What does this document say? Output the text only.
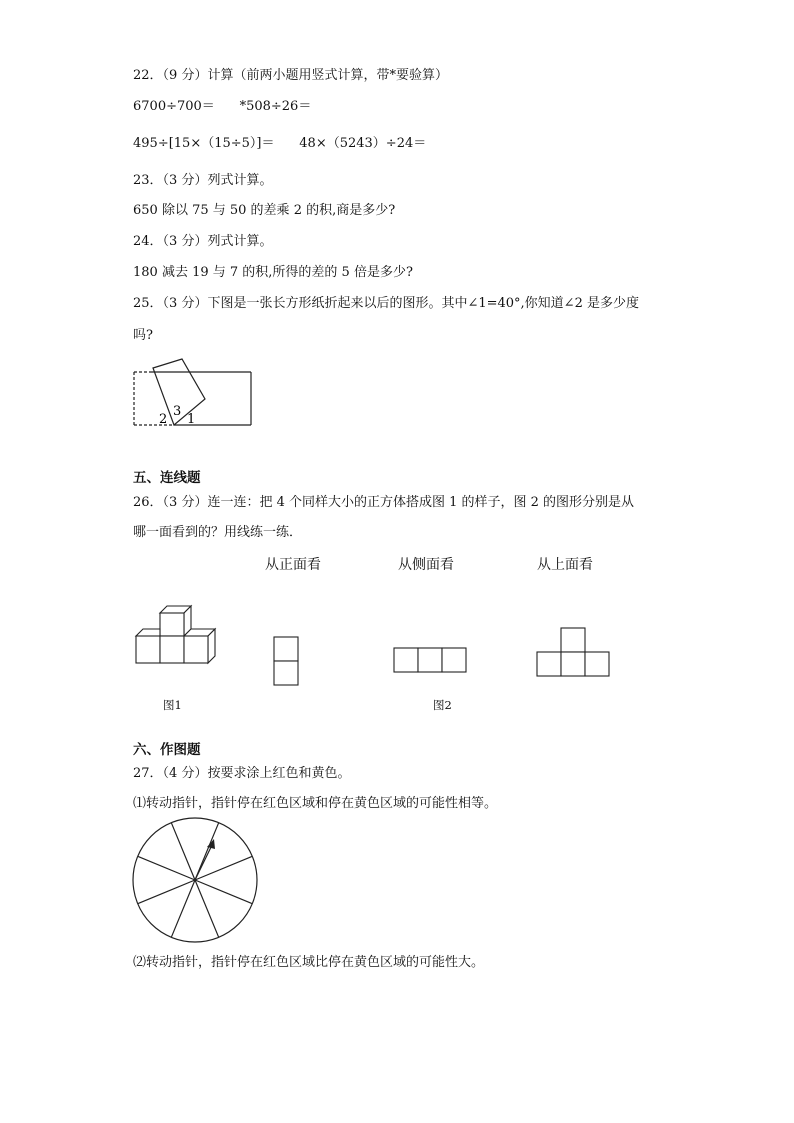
22．（9 分）计算（前两小题用竖式计算，带*要验算）
6700÷700＝      *508÷26＝
495÷[15×（15÷5）]＝      48×（5243）÷24＝
23．（3 分）列式计算。
650 除以 75 与 50 的差乘 2 的积,商是多少?
24．（3 分）列式计算。
180 减去 19 与 7 的积,所得的差的 5 倍是多少?
25．（3 分）下图是一张长方形纸折起来以后的图形。其中∠1=40°,你知道∠2 是多少度
吗?
2
3
1
五、连线题
26．（3 分）连一连：把 4 个同样大小的正方体搭成图 1 的样子，图 2 的图形分别是从
哪一面看到的？用线练一练．
从正面看	从侧面看	从上面看
图1	图2
六、作图题
27．（4 分）按要求涂上红色和黄色。
⑴转动指针，指针停在红色区域和停在黄色区域的可能性相等。
⑵转动指针，指针停在红色区域比停在黄色区域的可能性大。
